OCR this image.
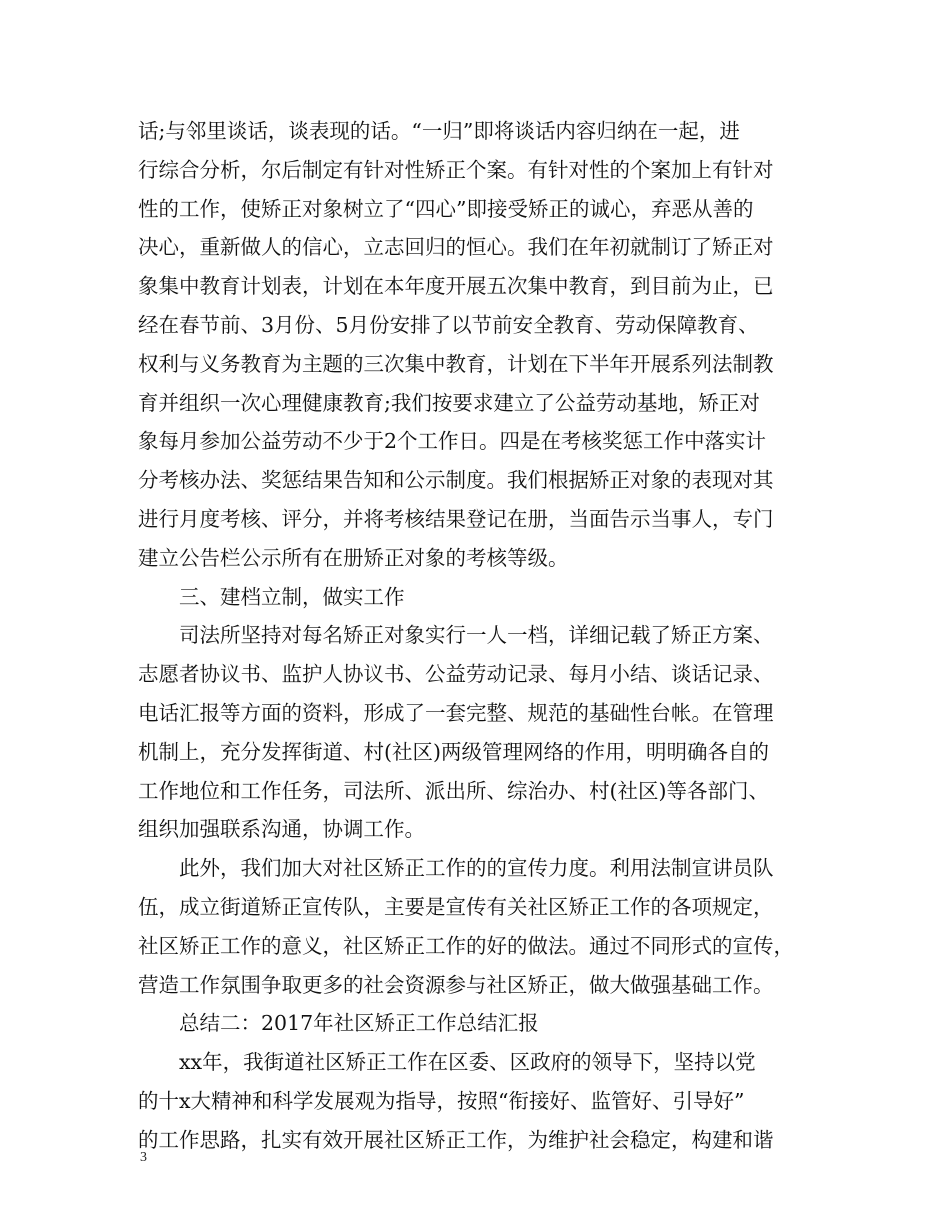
话;与邻里谈话，谈表现的话。“一归”即将谈话内容归纳在一起，进
行综合分析，尔后制定有针对性矫正个案。有针对性的个案加上有针对
性的工作，使矫正对象树立了“四心”即接受矫正的诚心，弃恶从善的
决心，重新做人的信心，立志回归的恒心。我们在年初就制订了矫正对
象集中教育计划表，计划在本年度开展五次集中教育，到目前为止，已
经在春节前、3月份、5月份安排了以节前安全教育、劳动保障教育、
权利与义务教育为主题的三次集中教育，计划在下半年开展系列法制教
育并组织一次心理健康教育;我们按要求建立了公益劳动基地，矫正对
象每月参加公益劳动不少于2个工作日。四是在考核奖惩工作中落实计
分考核办法、奖惩结果告知和公示制度。我们根据矫正对象的表现对其
进行月度考核、评分，并将考核结果登记在册，当面告示当事人，专门
建立公告栏公示所有在册矫正对象的考核等级。
三、建档立制，做实工作
司法所坚持对每名矫正对象实行一人一档，详细记载了矫正方案、
志愿者协议书、监护人协议书、公益劳动记录、每月小结、谈话记录、
电话汇报等方面的资料，形成了一套完整、规范的基础性台帐。在管理
机制上，充分发挥街道、村(社区)两级管理网络的作用，明明确各自的
工作地位和工作任务，司法所、派出所、综治办、村(社区)等各部门、
组织加强联系沟通，协调工作。
此外，我们加大对社区矫正工作的的宣传力度。利用法制宣讲员队
伍，成立街道矫正宣传队，主要是宣传有关社区矫正工作的各项规定，
社区矫正工作的意义，社区矫正工作的好的做法。通过不同形式的宣传，
营造工作氛围争取更多的社会资源参与社区矫正，做大做强基础工作。
总结二：2017年社区矫正工作总结汇报
xx年，我街道社区矫正工作在区委、区政府的领导下，坚持以党
的十x大精神和科学发展观为指导，按照“衔接好、监管好、引导好”
的工作思路，扎实有效开展社区矫正工作，为维护社会稳定，构建和谐
3
